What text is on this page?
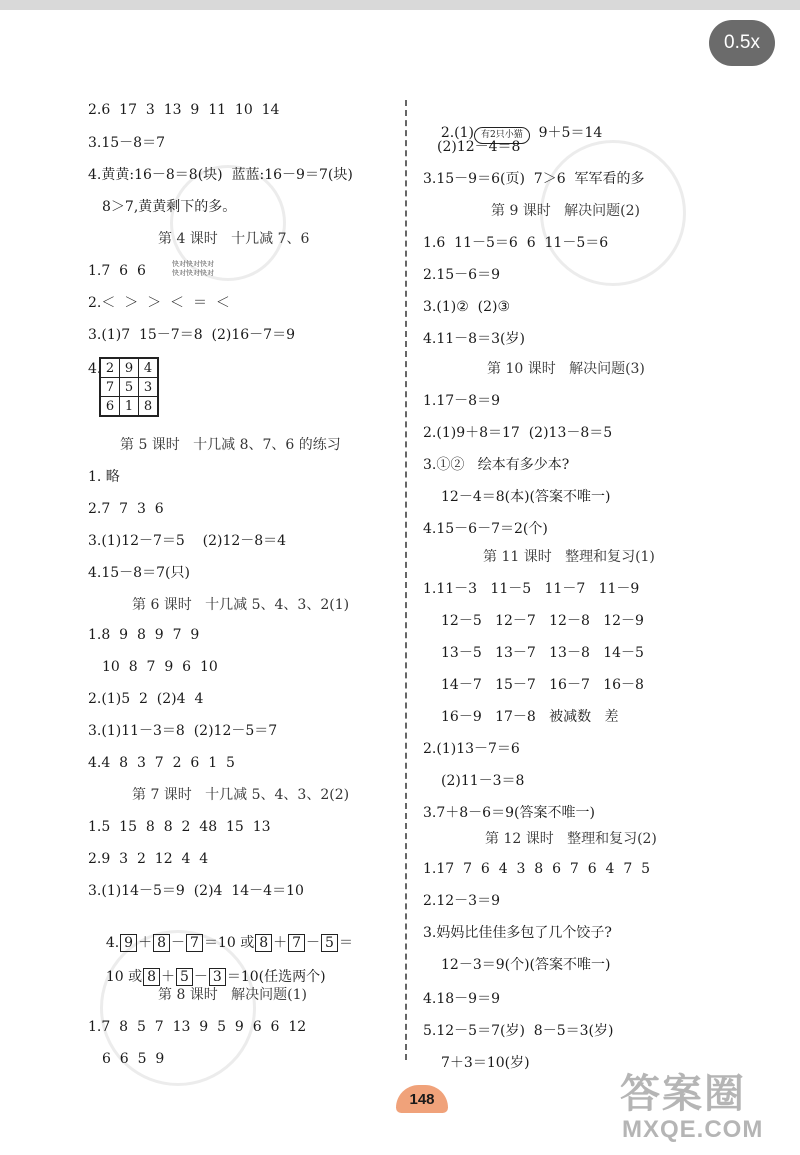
0.5x
2.6  17  3  13  9  11  10  14
3.15－8＝7
4.黄黄:16－8＝8(块)  蓝蓝:16－9＝7(块)
8＞7,黄黄剩下的多。
第 4 课时   十几减 7、6
1.7  6  6	快对快对快对
快对快对快对
2.＜  ＞  ＞  ＜  ＝  ＜
3.(1)7  15－7＝8  (2)16－7＝9
4. 2	9	4
7	5	3
6	1	8
第 5 课时   十几减 8、7、6 的练习
1. 略
2.7  7  3  6
3.(1)12－7＝5    (2)12－8＝4
4.15－8＝7(只)
第 6 课时   十几减 5、4、3、2(1)
1.8  9  8  9  7  9
10  8  7  9  6  10
2.(1)5  2  (2)4  4
3.(1)11－3＝8  (2)12－5＝7
4.4  8  3  7  2  6  1  5
第 7 课时   十几减 5、4、3、2(2)
1.5  15  8  8  2  48  15  13
2.9  3  2  12  4  4
3.(1)14－5＝9  (2)4  14－4＝10

4. 9 ＋ 8 － 7 ＝10 或 8 ＋ 7 － 5 ＝

10 或 8 ＋ 5 － 3 ＝10(任选两个)

第 8 课时   解决问题(1)
1.7  8  5  7  13  9  5  9  6  6  12
6  6  5  9

2.(1) 有2只小猫  9＋5＝14

(2)12－4＝8
3.15－9＝6(页)  7＞6  军军看的多
第 9 课时   解决问题(2)
1.6  11－5＝6  6  11－5＝6
2.15－6＝9
3.(1)②  (2)③
4.11－8＝3(岁)
第 10 课时   解决问题(3)
1.17－8＝9
2.(1)9＋8＝17  (2)13－8＝5
3.①②   绘本有多少本?
12－4＝8(本)(答案不唯一)
4.15－6－7＝2(个)
第 11 课时   整理和复习(1)
1.11－3   11－5   11－7   11－9
12－5   12－7   12－8   12－9
13－5   13－7   13－8   14－5
14－7   15－7   16－7   16－8
16－9   17－8   被减数   差
2.(1)13－7＝6
(2)11－3＝8
3.7＋8－6＝9(答案不唯一)
第 12 课时   整理和复习(2)
1.17  7  6  4  3  8  6  7  6  4  7  5
2.12－3＝9
3.妈妈比佳佳多包了几个饺子?
12－3＝9(个)(答案不唯一)
4.18－9＝9
5.12－5＝7(岁)  8－5＝3(岁)
7＋3＝10(岁)
148	答案圈
MXQE.COM
